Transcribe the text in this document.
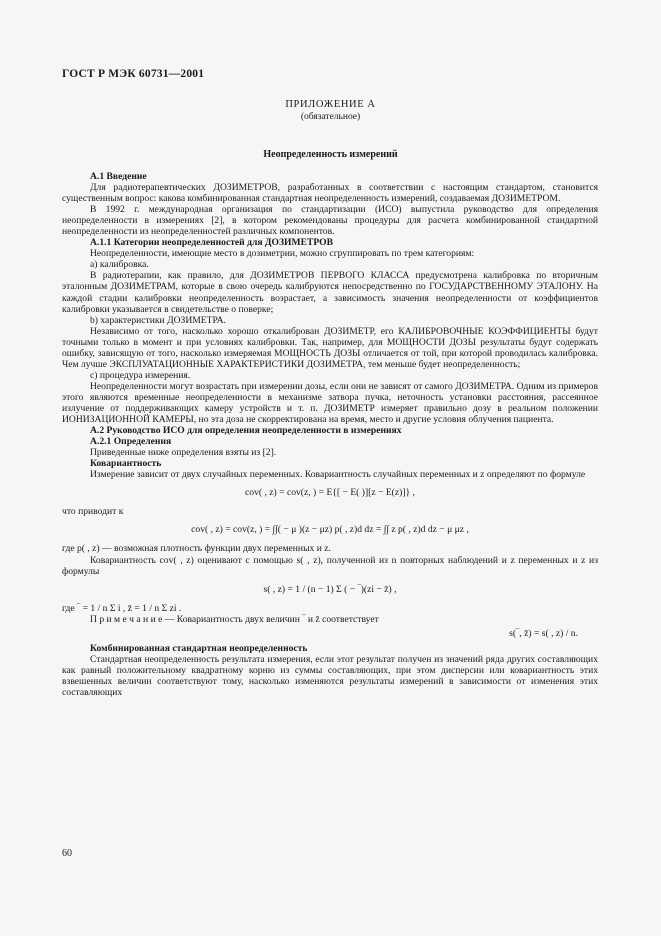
ГОСТ Р МЭК 60731—2001
ПРИЛОЖЕНИЕ А
(обязательное)
Неопределенность измерений

А.1 Введение

Для радиотерапевтических ДОЗИМЕТРОВ, разработанных в соответствии с настоящим стандартом, становится существенным вопрос: какова комбинированная стандартная неопределенность измерений, создаваемая ДОЗИМЕТРОМ.

В 1992 г. международная организация по стандартизации (ИСО) выпустила руководство для определения неопределенности в измерениях [2], в котором рекомендованы процедуры для расчета комбинированной стандартной неопределенности из неопределенностей различных компонентов.

А.1.1 Категории неопределенностей для ДОЗИМЕТРОВ

Неопределенности, имеющие место в дозиметрии, можно сгруппировать по трем категориям:

а) калибровка.

В радиотерапии, как правило, для ДОЗИМЕТРОВ ПЕРВОГО КЛАССА предусмотрена калибровка по вторичным эталонным ДОЗИМЕТРАМ, которые в свою очередь калибруются непосредственно по ГОСУДАРСТВЕННОМУ ЭТАЛОНУ. На каждой стадии калибровки неопределенность возрастает, а зависимость значения неопределенности от коэффициентов калибровки указывается в свидетельстве о поверке;

b) характеристики ДОЗИМЕТРА.

Независимо от того, насколько хорошо откалиброван ДОЗИМЕТР, его КАЛИБРОВОЧНЫЕ КОЭФФИЦИЕНТЫ будут точными только в момент и при условиях калибровки. Так, например, для МОЩНОСТИ ДОЗЫ результаты будут содержать ошибку, зависящую от того, насколько измеряемая МОЩНОСТЬ ДОЗЫ отличается от той, при которой проводилась калибровка. Чем лучше ЭКСПЛУАТАЦИОННЫЕ ХАРАКТЕРИСТИКИ ДОЗИМЕТРА, тем меньше будет неопределенность;

c) процедура измерения.

Неопределенности могут возрастать при измерении дозы, если они не зависят от самого ДОЗИМЕТРА. Одним из примеров этого являются временные неопределенности в механизме затвора пучка, неточность установки расстояния, рассеянное излучение от поддерживающих камеру устройств и т. п. ДОЗИМЕТР измеряет правильно дозу в реальном положении ИОНИЗАЦИОННОЙ КАМЕРЫ, но эта доза не скорректирована на время, место и другие условия облучения пациента.

А.2 Руководство ИСО для определения неопределенности в измерениях

А.2.1 Определения

Приведенные ниже определения взяты из [2].

Ковариантность

Измерение зависит от двух случайных переменных. Ковариантность случайных переменных и z определяют по формуле

cov( , z) = cov(z, ) = E{[ − E( )][z − E(z)]} ,

что приводит к

cov( , z) = cov(z, ) = ∫∫( − μ )(z − μz) p( , z)d dz = ∫∫ z p( , z)d dz − μ μz ,

где p( , z) — возможная плотность функции двух переменных и z.

Ковариантность cov( , z) оценивают с помощью s( , z), полученной из n повторных наблюдений и z переменных и z из формулы

s( , z) = 1 / (n − 1) Σ ( − ‾)(zi − z̄) ,

где ‾ = 1 / n Σ i , z̄ = 1 / n Σ zi .

П р и м е ч а н и е — Ковариантность двух величин ‾ и z̄ соответствует

s(‾, z̄) = s( , z) / n.

Комбинированная стандартная неопределенность

Стандартная неопределенность результата измерения, если этот результат получен из значений ряда других составляющих как равный положительному квадратному корню из суммы составляющих, при этом дисперсии или ковариантность этих взвешенных величин соответствуют тому, насколько изменяются результаты измерений в зависимости от изменения этих составляющих

60
